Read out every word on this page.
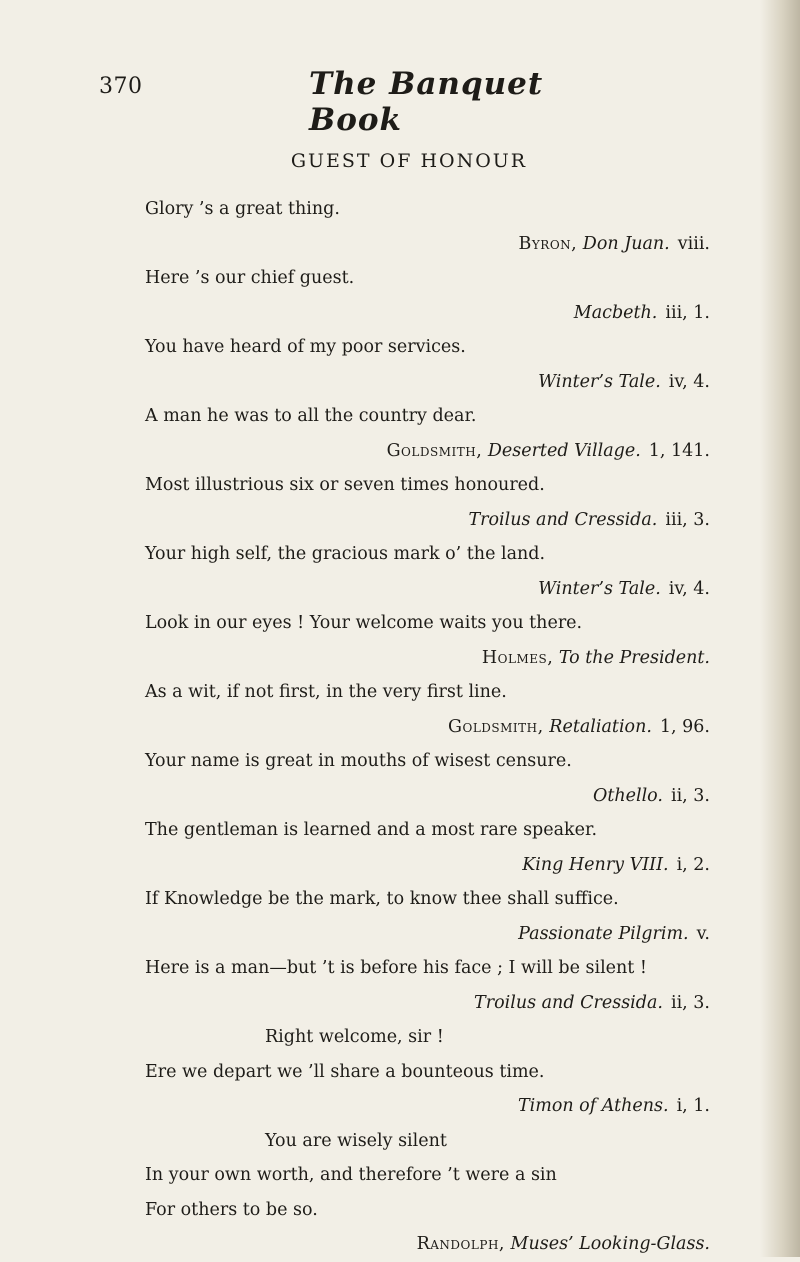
370	The Banquet Book
GUEST OF HONOUR
Glory ’s a great thing.
Byron, Don Juan. viii.
Here ’s our chief guest.
Macbeth. iii, 1.
You have heard of my poor services.
Winter’s Tale. iv, 4.
A man he was to all the country dear.
Goldsmith, Deserted Village. 1, 141.
Most illustrious six or seven times honoured.
Troilus and Cressida. iii, 3.
Your high self, the gracious mark o’ the land.
Winter’s Tale. iv, 4.
Look in our eyes ! Your welcome waits you there.
Holmes, To the President.
As a wit, if not first, in the very first line.
Goldsmith, Retaliation. 1, 96.
Your name is great in mouths of wisest censure.
Othello. ii, 3.
The gentleman is learned and a most rare speaker.
King Henry VIII. i, 2.
If Knowledge be the mark, to know thee shall suffice.
Passionate Pilgrim. v.
Here is a man—but ’t is before his face ; I will be silent !
Troilus and Cressida. ii, 3.
Right welcome, sir !
Ere we depart we ’ll share a bounteous time.
Timon of Athens. i, 1.
You are wisely silent
In your own worth, and therefore ’t were a sin
For others to be so.
Randolph, Muses’ Looking-Glass.
